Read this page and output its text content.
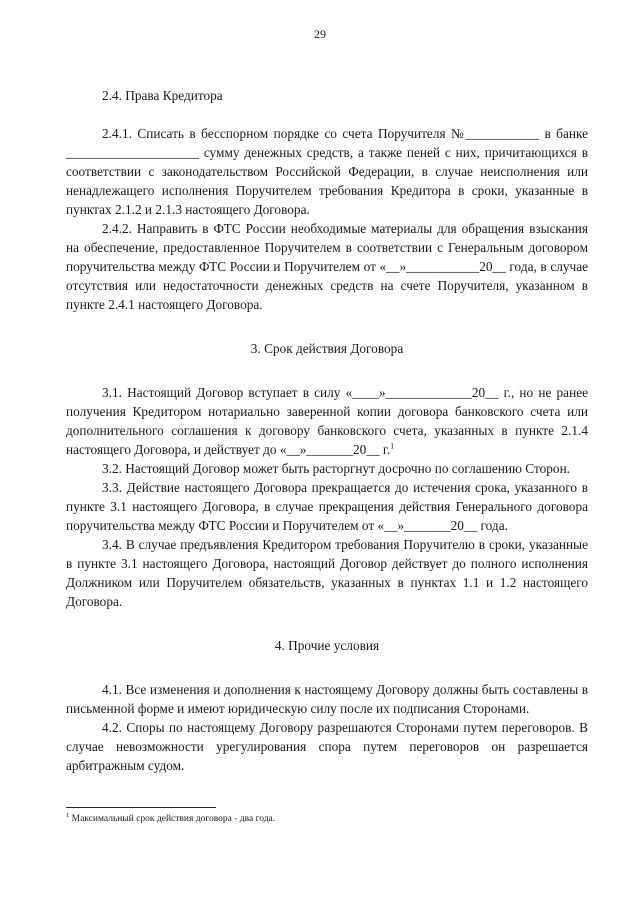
29
2.4. Права Кредитора

2.4.1. Списать в бесспорном порядке со счета Поручителя №___________ в банке ____________________ сумму денежных средств, а также пеней с них, причитающихся в соответствии с законодательством Российской Федерации, в случае неисполнения или ненадлежащего исполнения Поручителем требования Кредитора в сроки, указанные в пунктах 2.1.2 и 2.1.3 настоящего Договора.

2.4.2. Направить в ФТС России необходимые материалы для обращения взыскания на обеспечение, предоставленное Поручителем в соответствии с Генеральным договором поручительства между ФТС России и Поручителем от «__»___________20__ года, в случае отсутствия или недостаточности денежных средств на счете Поручителя, указанном в пункте 2.4.1 настоящего Договора.

3. Срок действия Договора

3.1. Настоящий Договор вступает в силу «____»_____________20__ г., но не ранее получения Кредитором нотариально заверенной копии договора банковского счета или дополнительного соглашения к договору банковского счета, указанных в пункте 2.1.4 настоящего Договора, и действует до «__»_______20__ г.$^1$

3.2. Настоящий Договор может быть расторгнут досрочно по соглашению Сторон.

3.3. Действие настоящего Договора прекращается до истечения срока, указанного в пункте 3.1 настоящего Договора, в случае прекращения действия Генерального договора поручительства между ФТС России и Поручителем от «__»_______20__ года.

3.4. В случае предъявления Кредитором требования Поручителю в сроки, указанные в пункте 3.1 настоящего Договора, настоящий Договор действует до полного исполнения Должником или Поручителем обязательств, указанных в пунктах 1.1 и 1.2 настоящего Договора.

4. Прочие условия

4.1. Все изменения и дополнения к настоящему Договору должны быть составлены в письменной форме и имеют юридическую силу после их подписания Сторонами.

4.2. Споры по настоящему Договору разрешаются Сторонами путем переговоров. В случае невозможности урегулирования спора путем переговоров он разрешается арбитражным судом.

$^1$ Максимальный срок действия договора - два года.
